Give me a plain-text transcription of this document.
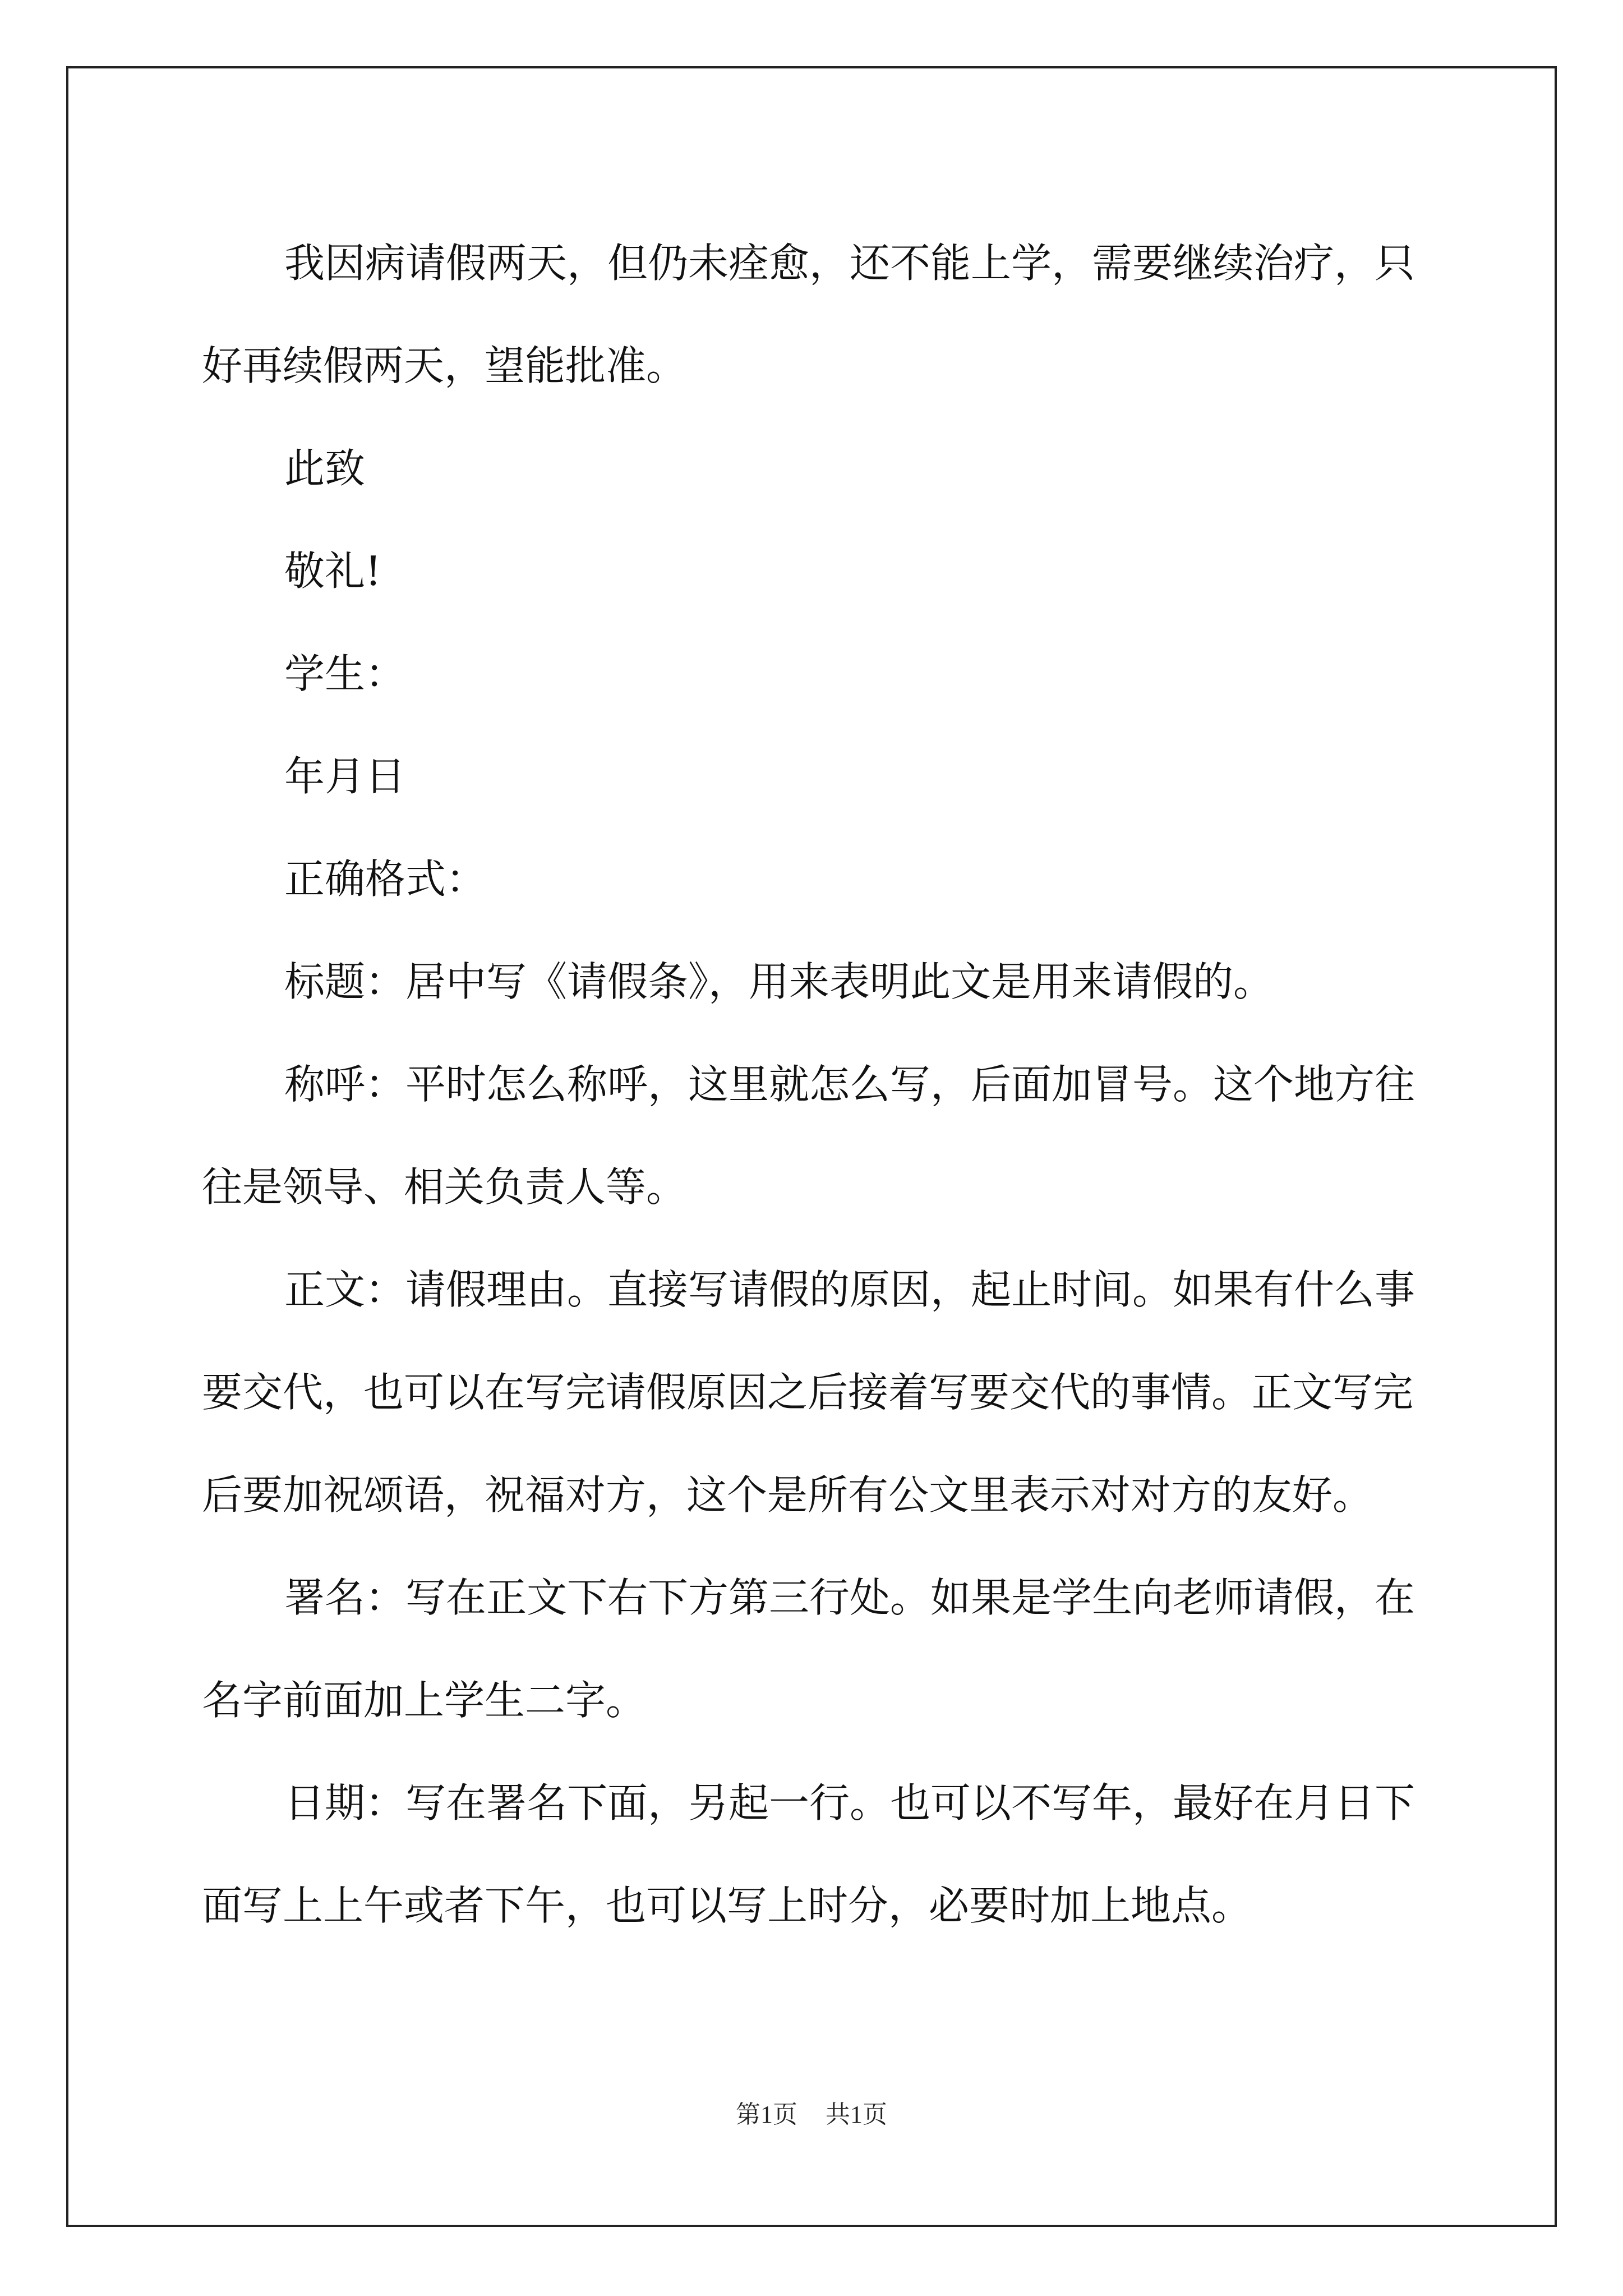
我因病请假两天，但仍未痊愈，还不能上学，需要继续治疗，只好再续假两天，望能批准。

此致

敬礼!

学生：

年月日

正确格式：

标题：居中写《请假条》，用来表明此文是用来请假的。

称呼：平时怎么称呼，这里就怎么写，后面加冒号。这个地方往往是领导、相关负责人等。

正文：请假理由。直接写请假的原因，起止时间。如果有什么事要交代，也可以在写完请假原因之后接着写要交代的事情。正文写完后要加祝颂语，祝福对方，这个是所有公文里表示对对方的友好。

署名：写在正文下右下方第三行处。如果是学生向老师请假，在名字前面加上学生二字。

日期：写在署名下面，另起一行。也可以不写年，最好在月日下面写上上午或者下午，也可以写上时分，必要时加上地点。

第1页 共1页
